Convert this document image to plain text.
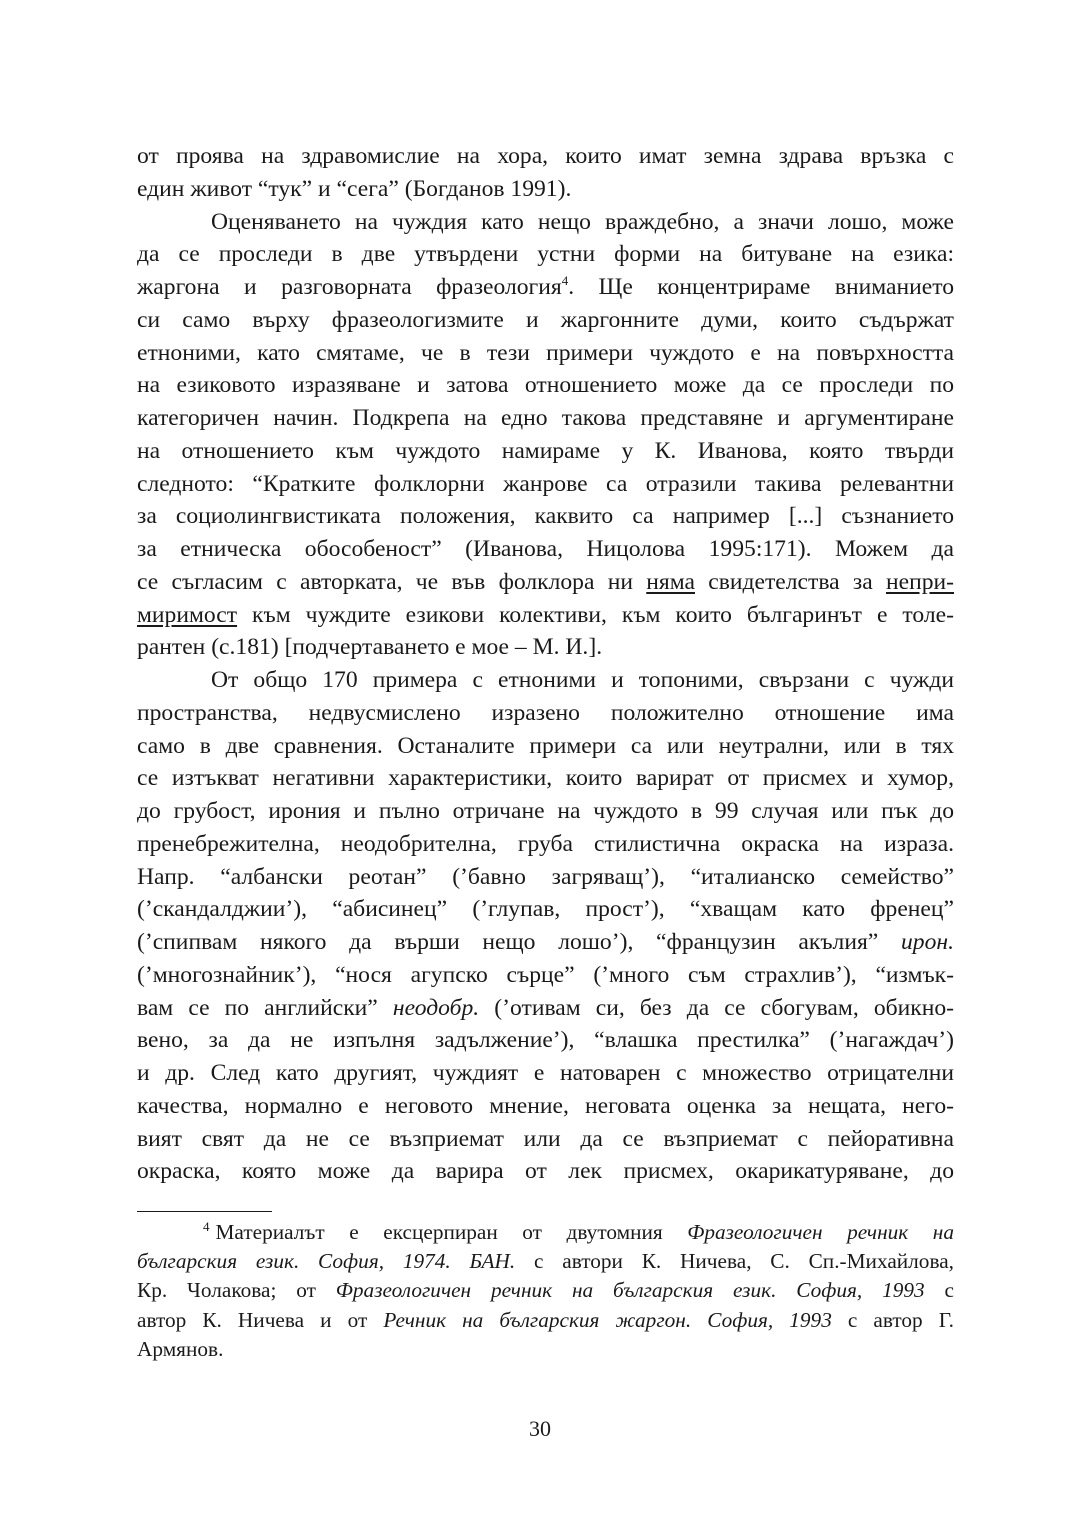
от проява на здравомислие на хора, които имат земна здрава връзка с
един живот “тук” и “сега” (Богданов 1991).
Оценяването на чуждия като нещо враждебно, а значи лошо, може
да се проследи в две утвърдени устни форми на битуване на езика:
жаргона и разговорната фразеология$^4$. Ще концентрираме вниманието
си само върху фразеологизмите и жаргонните думи, които съдържат
етноними, като смятаме, че в тези примери чуждото е на повърхността
на езиковото изразяване и затова отношението може да се проследи по
категоричен начин. Подкрепа на едно такова представяне и аргументиране
на отношението към чуждото намираме у К. Иванова, която твърди
следното: “Кратките фолклорни жанрове са отразили такива релевантни
за социолингвистиката положения, каквито са например [...] съзнанието
за етническа обособеност” (Иванова, Ницолова 1995:171). Можем да
се съгласим с авторката, че във фолклора ни няма свидетелства за непри-
миримост към чуждите езикови колективи, към които българинът е толе-
рантен (с.181) [подчертаването е мое – М. И.].
От общо 170 примера с етноними и топоними, свързани с чужди
пространства, недвусмислено изразено положително отношение има
само в две сравнения. Останалите примери са или неутрални, или в тях
се изтъкват негативни характеристики, които варират от присмех и хумор,
до грубост, ирония и пълно отричане на чуждото в 99 случая или пък до
пренебрежителна, неодобрителна, груба стилистична окраска на израза.
Напр. “албански реотан” (’бавно загряващ’), “италианско семейство”
(’скандалджии’), “абисинец” (’глупав, прост’), “хващам като френец”
(’спипвам някого да върши нещо лошо’), “французин акълия” ирон.
(’многознайник’), “нося агупско сърце” (’много съм страхлив’), “измък-
вам се по английски” неодобр. (’отивам си, без да се сбогувам, обикно-
вено, за да не изпълня задължение’), “влашка престилка” (’нагаждач’)
и др. След като другият, чуждият е натоварен с множество отрицателни
качества, нормално е неговото мнение, неговата оценка за нещата, него-
вият свят да не се възприемат или да се възприемат с пейоративна
окраска, която може да варира от лек присмех, окарикатуряване, до
$^4$ Материалът е ексцерпиран от двутомния Фразеологичен речник на
българския език. София, 1974. БАН. с автори К. Ничева, С. Сп.-Михайлова,
Кр. Чолакова; от Фразеологичен речник на българския език. София, 1993 с
автор К. Ничева и от Речник на българския жаргон. София, 1993 с автор Г.
Армянов.
30
